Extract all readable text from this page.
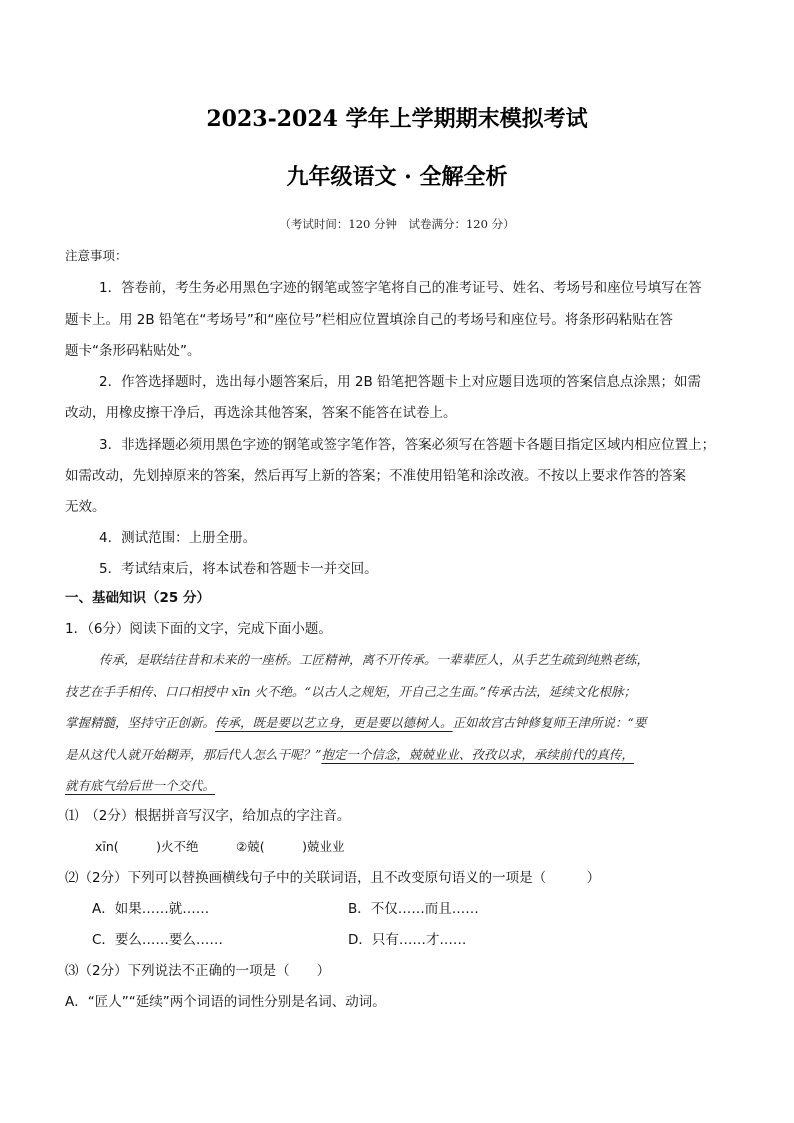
2023-2024 学年上学期期末模拟考试
九年级语文 · 全解全析
（考试时间：120 分钟　试卷满分：120 分）
注意事项：
1．答卷前，考生务必用黑色字迹的钢笔或签字笔将自己的准考证号、姓名、考场号和座位号填写在答
题卡上。用 2B 铅笔在“考场号”和“座位号”栏相应位置填涂自己的考场号和座位号。将条形码粘贴在答
题卡“条形码粘贴处”。
2．作答选择题时，选出每小题答案后，用 2B 铅笔把答题卡上对应题目选项的答案信息点涂黑；如需
改动，用橡皮擦干净后，再选涂其他答案，答案不能答在试卷上。
3．非选择题必须用黑色字迹的钢笔或签字笔作答，答案必须写在答题卡各题目指定区域内相应位置上；
如需改动，先划掉原来的答案，然后再写上新的答案；不准使用铅笔和涂改液。不按以上要求作答的答案
无效。
4．测试范围：上册全册。
5．考试结束后，将本试卷和答题卡一并交回。
一、基础知识（25 分）
1．（6分）阅读下面的文字，完成下面小题。
传承，是联结往昔和未来的一座桥。工匠精神，离不开传承。一辈辈匠人，从手艺生疏到纯熟老练，
技艺在手手相传、口口相授中 xīn 火不绝。“以古人之规矩，开自己之生面。”传承古法，延续文化根脉；
掌握精髓，坚持守正创新。传承，既是要以艺立身，更是要以德树人。正如故宫古钟修复师王津所说：“要
是从这代人就开始糊弄，那后代人怎么干呢？”抱定一个信念，兢兢业业、孜孜以求，承续前代的真传，
就有底气给后世一个交代。
⑴　（2分）根据拼音写汉字，给加点的字注音。
xīn(　　　)火不绝　　　②兢(　　　)兢业业
⑵（2分）下列可以替换画横线句子中的关联词语，且不改变原句语义的一项是（　　　）
A．如果……就……	B．不仅……而且……
C．要么……要么……	D．只有……才……
⑶（2分）下列说法不正确的一项是（　　）
A．“匠人”“延续”两个词语的词性分别是名词、动词。
